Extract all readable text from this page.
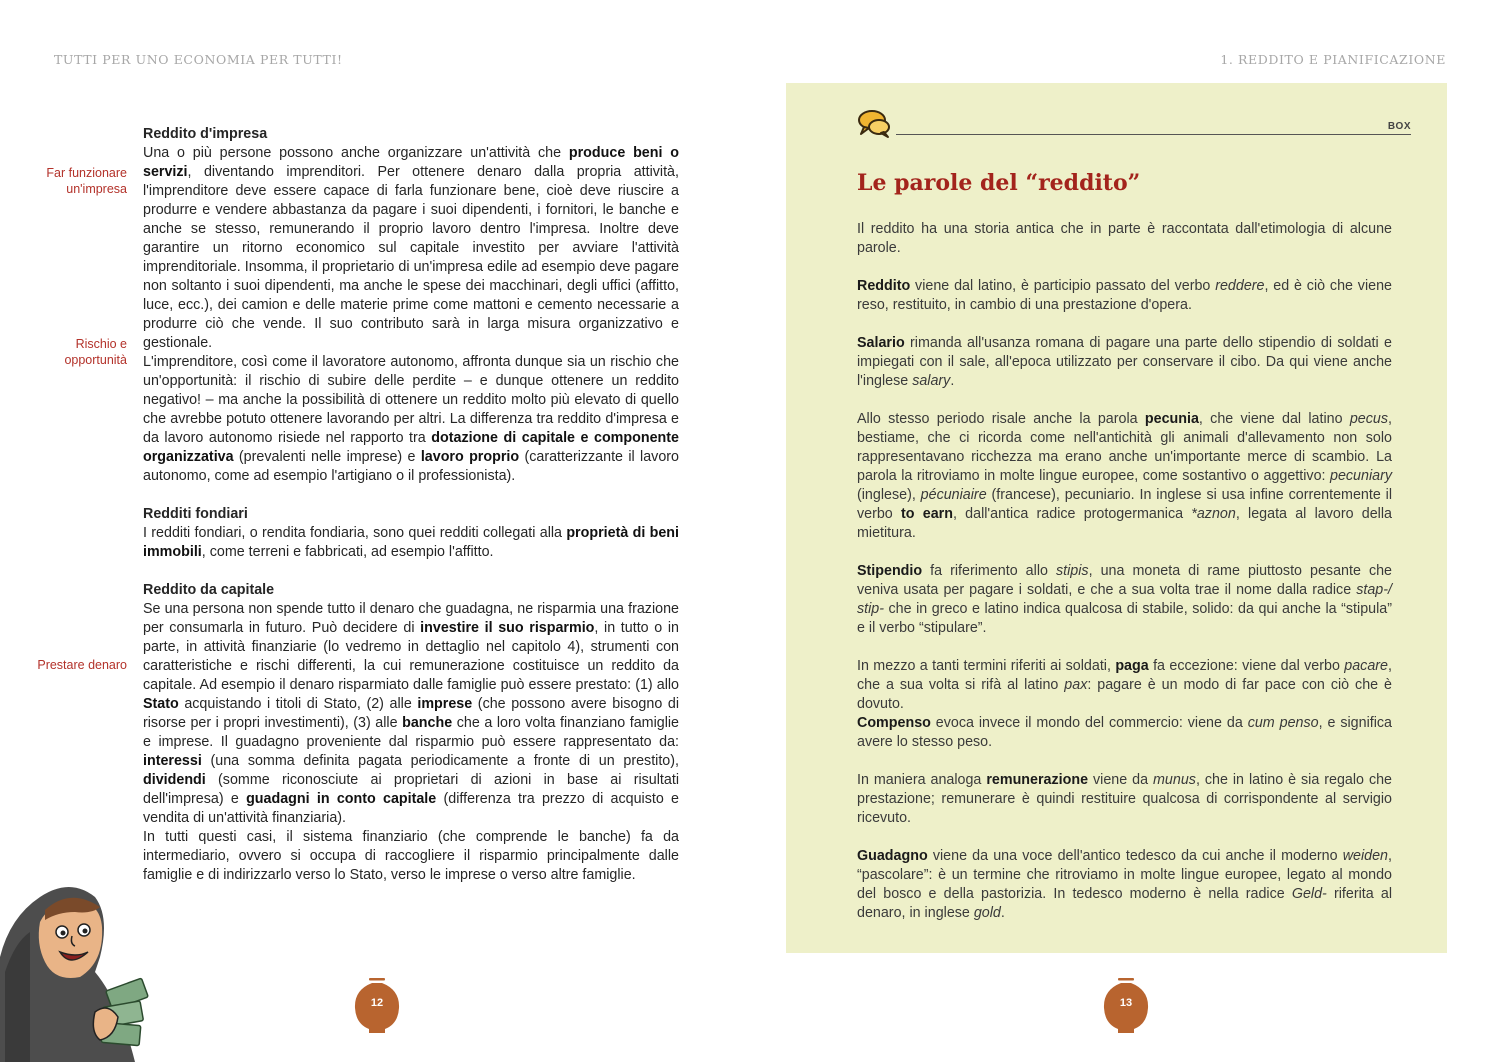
TUTTI PER UNO ECONOMIA PER TUTTI!	1. REDDITO E PIANIFICAZIONE
Far funzionare un'impresa
Rischio e opportunità
Prestare denaro
Reddito d'impresa

Una o più persone possono anche organizzare un'attività che produce beni o servizi, diventando imprenditori. Per ottenere denaro dalla propria attività, l'imprenditore deve essere capace di farla funzionare bene, cioè deve riuscire a produrre e vendere abbastanza da pagare i suoi dipendenti, i fornitori, le banche e anche se stesso, remunerando il proprio lavoro dentro l'impresa. Inoltre deve garantire un ritorno economico sul capitale investito per avviare l'attività imprenditoriale. Insomma, il proprietario di un'impresa edile ad esempio deve pagare non soltanto i suoi dipendenti, ma anche le spese dei macchinari, degli uffici (affitto, luce, ecc.), dei camion e delle materie prime come mattoni e cemento necessarie a produrre ciò che vende. Il suo contributo sarà in larga misura organizzativo e gestionale.

L'imprenditore, così come il lavoratore autonomo, affronta dunque sia un rischio che un'opportunità: il rischio di subire delle perdite – e dunque ottenere un reddito negativo! – ma anche la possibilità di ottenere un reddito molto più elevato di quello che avrebbe potuto ottenere lavorando per altri. La differenza tra reddito d'impresa e da lavoro autonomo risiede nel rapporto tra dotazione di capitale e componente organizzativa (prevalenti nelle imprese) e lavoro proprio (caratterizzante il lavoro autonomo, come ad esempio l'artigiano o il professionista).

Redditi fondiari

I redditi fondiari, o rendita fondiaria, sono quei redditi collegati alla proprietà di beni immobili, come terreni e fabbricati, ad esempio l'affitto.

Reddito da capitale

Se una persona non spende tutto il denaro che guadagna, ne risparmia una frazione per consumarla in futuro. Può decidere di investire il suo risparmio, in tutto o in parte, in attività finanziarie (lo vedremo in dettaglio nel capitolo 4), strumenti con caratteristiche e rischi differenti, la cui remunerazione costituisce un reddito da capitale. Ad esempio il denaro risparmiato dalle famiglie può essere prestato: (1) allo Stato acquistando i titoli di Stato, (2) alle imprese (che possono avere bisogno di risorse per i propri investimenti), (3) alle banche che a loro volta finanziano famiglie e imprese. Il guadagno proveniente dal risparmio può essere rappresentato da: interessi (una somma definita pagata periodicamente a fronte di un prestito), dividendi (somme riconosciute ai proprietari di azioni in base ai risultati dell'impresa) e guadagni in conto capitale (differenza tra prezzo di acquisto e vendita di un'attività finanziaria).

In tutti questi casi, il sistema finanziario (che comprende le banche) fa da intermediario, ovvero si occupa di raccogliere il risparmio principalmente dalle famiglie e di indirizzarlo verso lo Stato, verso le imprese o verso altre famiglie.

12
BOX
Le parole del “reddito”

Il reddito ha una storia antica che in parte è raccontata dall'etimologia di alcune parole.

Reddito viene dal latino, è participio passato del verbo reddere, ed è ciò che viene reso, restituito, in cambio di una prestazione d'opera.

Salario rimanda all'usanza romana di pagare una parte dello stipendio di soldati e impiegati con il sale, all'epoca utilizzato per conservare il cibo. Da qui viene anche l'inglese salary.

Allo stesso periodo risale anche la parola pecunia, che viene dal latino pecus, bestiame, che ci ricorda come nell'antichità gli animali d'allevamento non solo rappresentavano ricchezza ma erano anche un'importante merce di scambio. La parola la ritroviamo in molte lingue europee, come sostantivo o aggettivo: pecuniary (inglese), pécuniaire (francese), pecuniario. In inglese si usa infine correntemente il verbo to earn, dall'antica radice protogermanica *aznon, legata al lavoro della mietitura.

Stipendio fa riferimento allo stipis, una moneta di rame piuttosto pesante che veniva usata per pagare i soldati, e che a sua volta trae il nome dalla radice stap-/ stip- che in greco e latino indica qualcosa di stabile, solido: da qui anche la “stipula” e il verbo “stipulare”.

In mezzo a tanti termini riferiti ai soldati, paga fa eccezione: viene dal verbo pacare, che a sua volta si rifà al latino pax: pagare è un modo di far pace con ciò che è dovuto.

Compenso evoca invece il mondo del commercio: viene da cum penso, e significa avere lo stesso peso.

In maniera analoga remunerazione viene da munus, che in latino è sia regalo che prestazione; remunerare è quindi restituire qualcosa di corrispondente al servigio ricevuto.

Guadagno viene da una voce dell'antico tedesco da cui anche il moderno weiden, “pascolare”: è un termine che ritroviamo in molte lingue europee, legato al mondo del bosco e della pastorizia. In tedesco moderno è nella radice Geld- riferita al denaro, in inglese gold.

13
